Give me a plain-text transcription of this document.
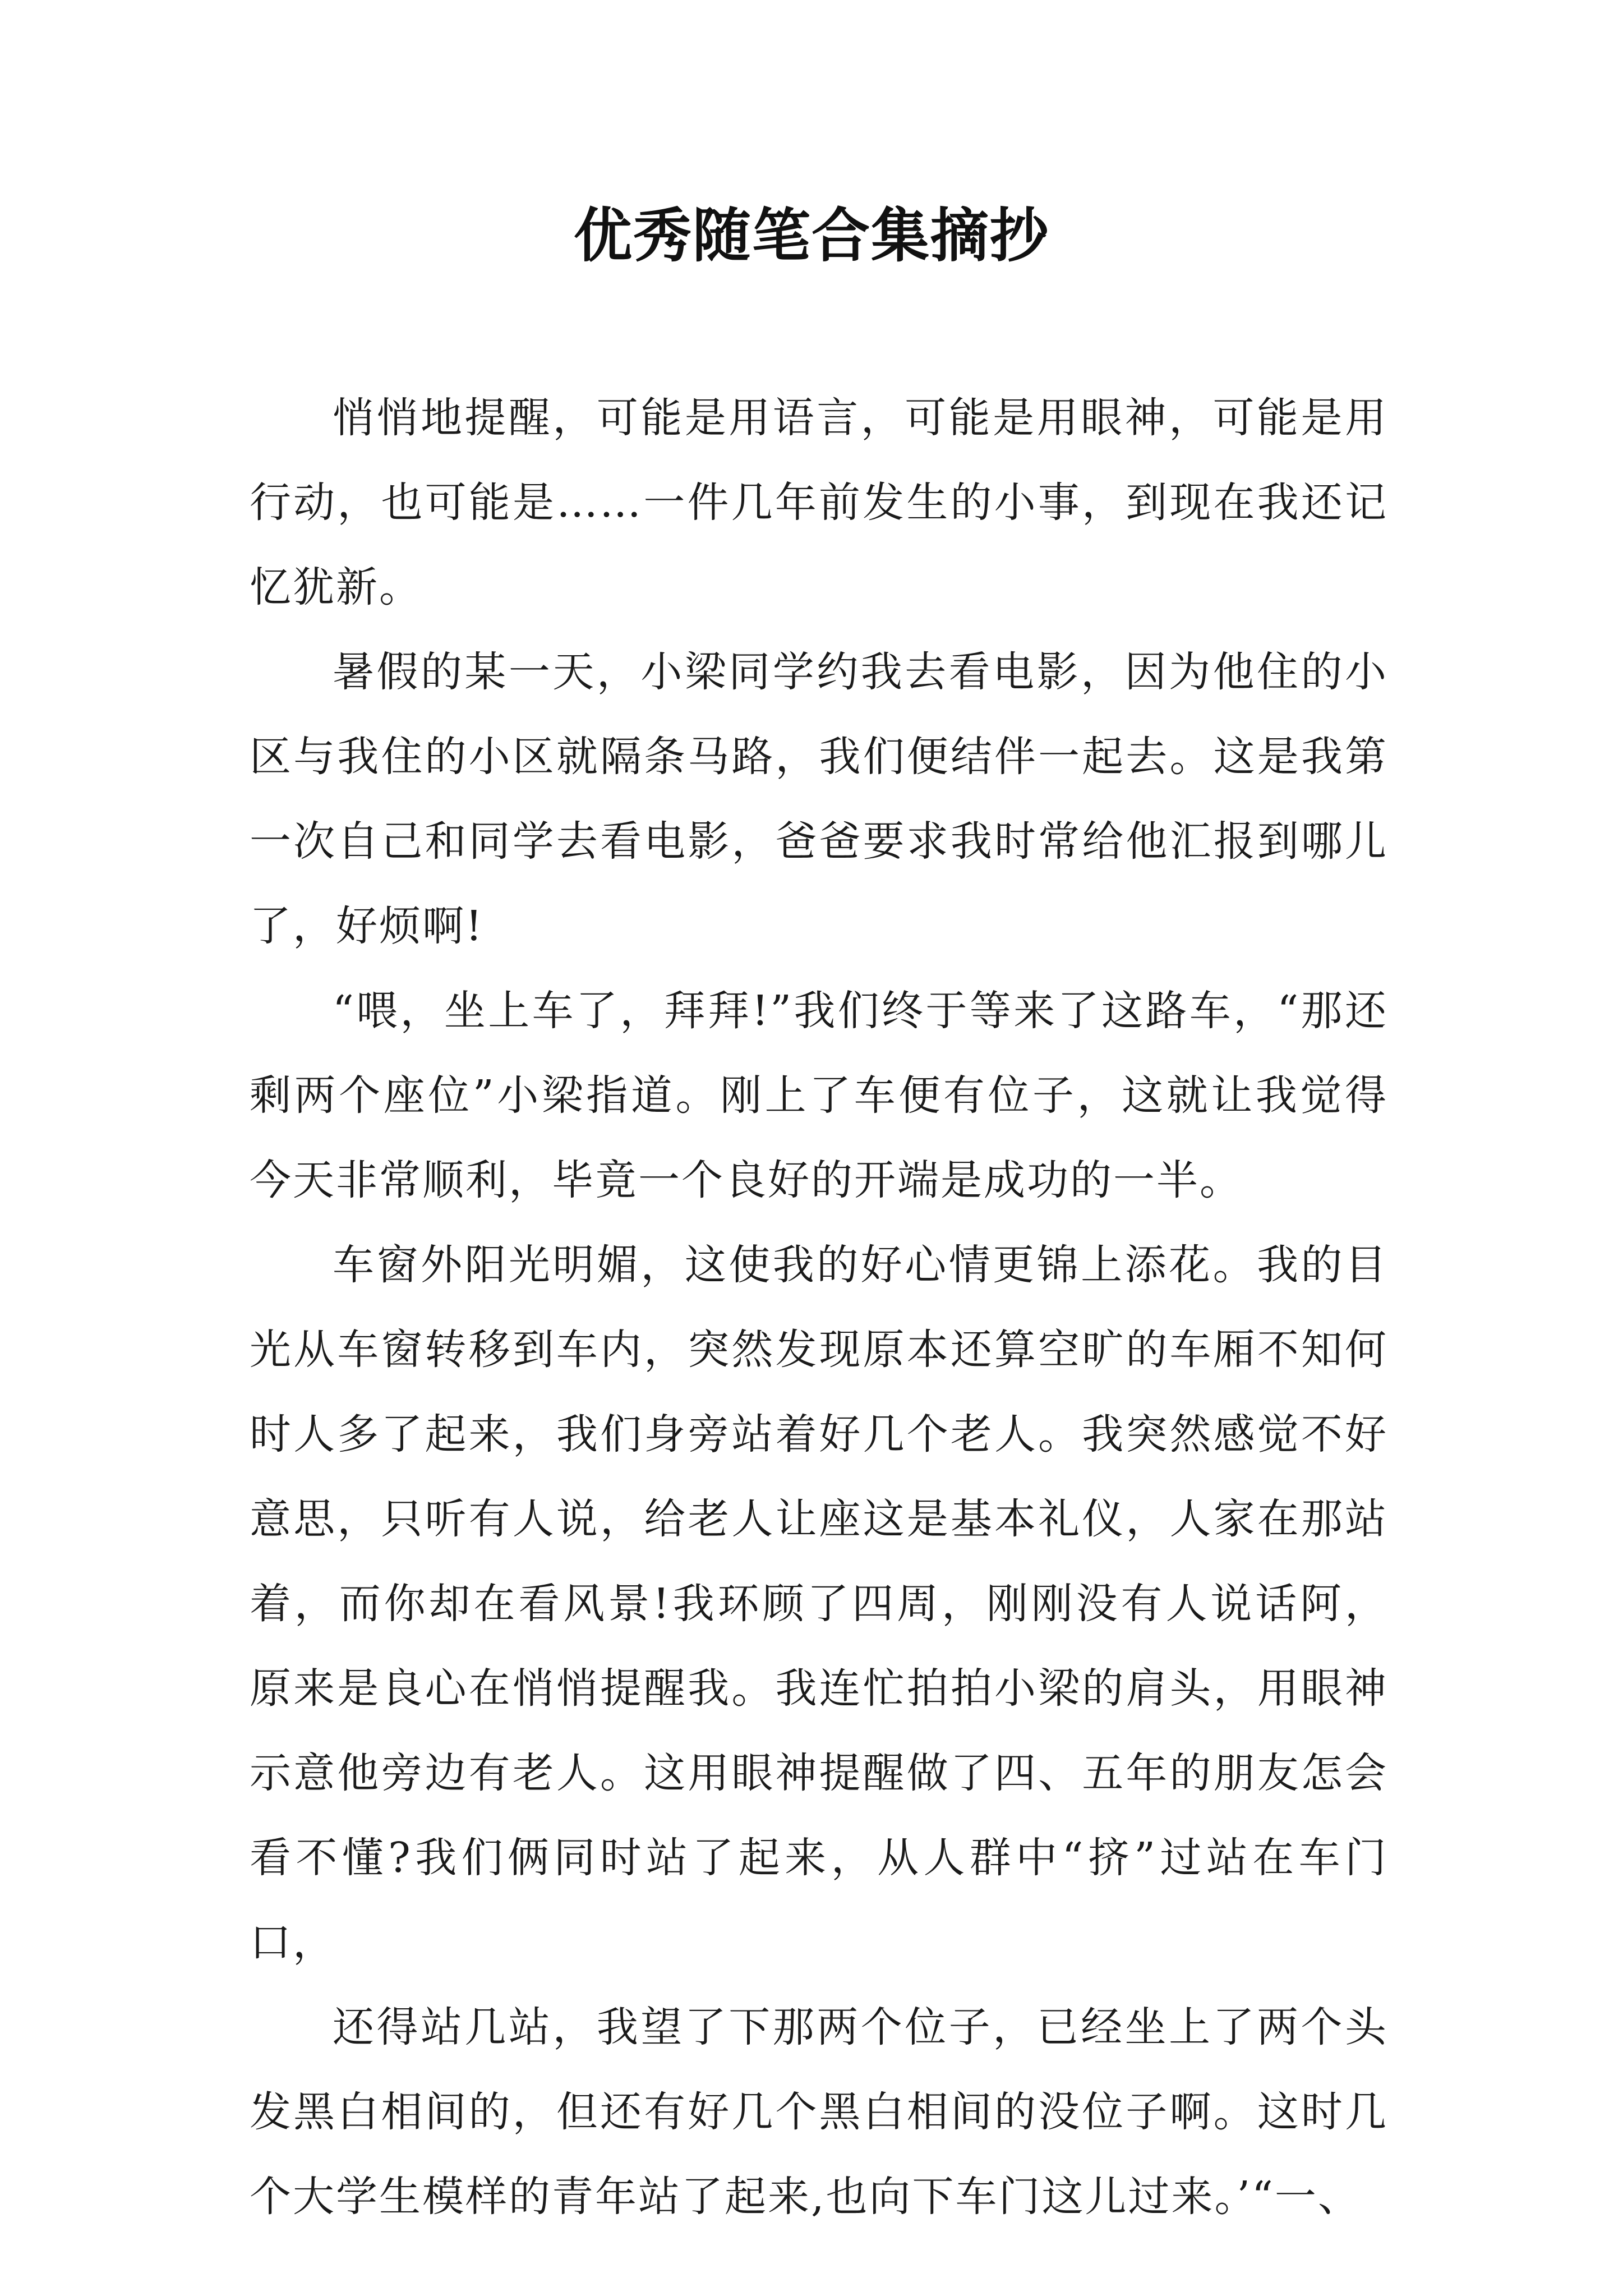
优秀随笔合集摘抄

悄悄地提醒，可能是用语言，可能是用眼神，可能是用行动，也可能是……一件几年前发生的小事，到现在我还记忆犹新。

暑假的某一天，小梁同学约我去看电影，因为他住的小区与我住的小区就隔条马路，我们便结伴一起去。这是我第一次自己和同学去看电影，爸爸要求我时常给他汇报到哪儿了，好烦啊!

“喂，坐上车了，拜拜!”我们终于等来了这路车，“那还剩两个座位”小梁指道。刚上了车便有位子，这就让我觉得今天非常顺利，毕竟一个良好的开端是成功的一半。

车窗外阳光明媚，这使我的好心情更锦上添花。我的目光从车窗转移到车内，突然发现原本还算空旷的车厢不知何时人多了起来，我们身旁站着好几个老人。我突然感觉不好意思，只听有人说，给老人让座这是基本礼仪，人家在那站着，而你却在看风景!我环顾了四周，刚刚没有人说话阿，原来是良心在悄悄提醒我。我连忙拍拍小梁的肩头，用眼神示意他旁边有老人。这用眼神提醒做了四、五年的朋友怎会看不懂?我们俩同时站了起来，从人群中“挤”过站在车门口，

还得站几站，我望了下那两个位子，已经坐上了两个头发黑白相间的，但还有好几个黑白相间的没位子啊。这时几个大学生模样的青年站了起来,也向下车门这儿过来。’“一、
